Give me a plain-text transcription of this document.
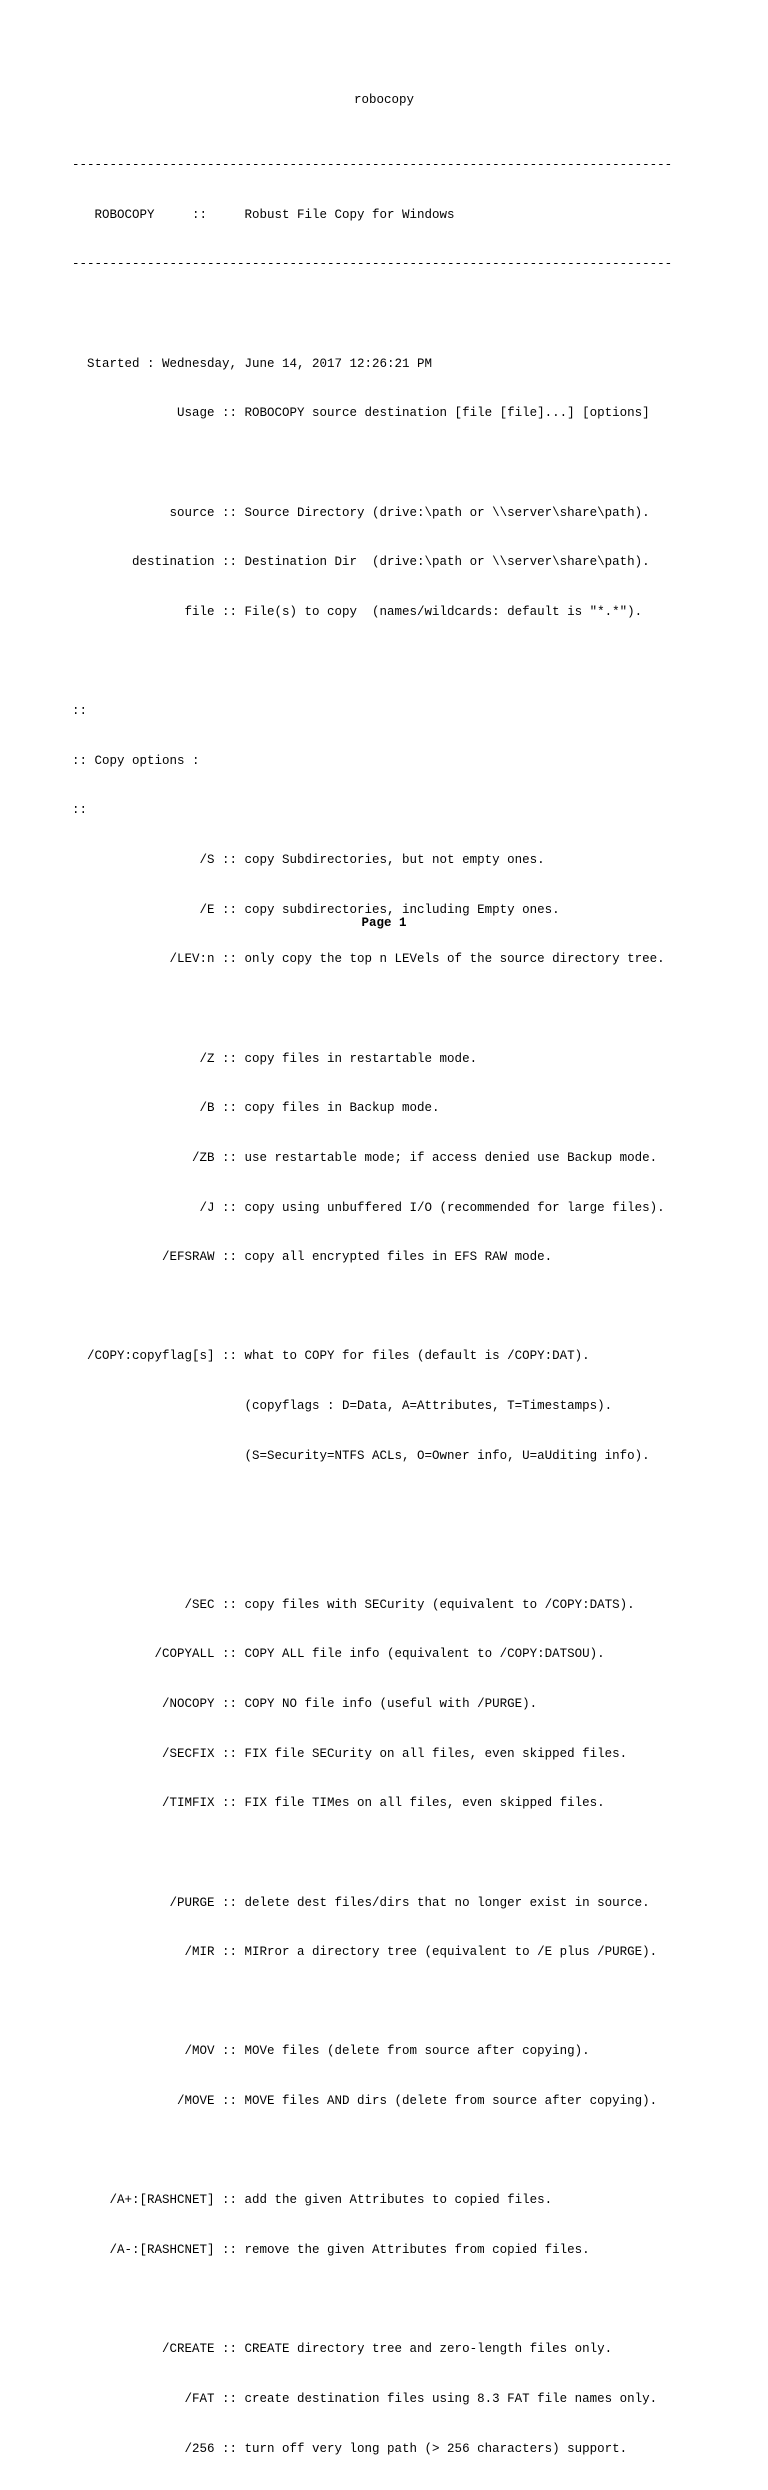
robocopy

--------------------------------------------------------------------------------

ROBOCOPY     ::     Robust File Copy for Windows

--------------------------------------------------------------------------------

Started : Wednesday, June 14, 2017 12:26:21 PM

Usage :: ROBOCOPY source destination [file [file]...] [options]

source :: Source Directory (drive:\path or \\server\share\path).

destination :: Destination Dir  (drive:\path or \\server\share\path).

file :: File(s) to copy  (names/wildcards: default is "*.*").

::

:: Copy options :

::

/S :: copy Subdirectories, but not empty ones.

/E :: copy subdirectories, including Empty ones.

/LEV:n :: only copy the top n LEVels of the source directory tree.

/Z :: copy files in restartable mode.

/B :: copy files in Backup mode.

/ZB :: use restartable mode; if access denied use Backup mode.

/J :: copy using unbuffered I/O (recommended for large files).

/EFSRAW :: copy all encrypted files in EFS RAW mode.

/COPY:copyflag[s] :: what to COPY for files (default is /COPY:DAT).

(copyflags : D=Data, A=Attributes, T=Timestamps).

(S=Security=NTFS ACLs, O=Owner info, U=aUditing info).

/SEC :: copy files with SECurity (equivalent to /COPY:DATS).

/COPYALL :: COPY ALL file info (equivalent to /COPY:DATSOU).

/NOCOPY :: COPY NO file info (useful with /PURGE).

/SECFIX :: FIX file SECurity on all files, even skipped files.

/TIMFIX :: FIX file TIMes on all files, even skipped files.

/PURGE :: delete dest files/dirs that no longer exist in source.

/MIR :: MIRror a directory tree (equivalent to /E plus /PURGE).

/MOV :: MOVe files (delete from source after copying).

/MOVE :: MOVE files AND dirs (delete from source after copying).

/A+:[RASHCNET] :: add the given Attributes to copied files.

/A-:[RASHCNET] :: remove the given Attributes from copied files.

/CREATE :: CREATE directory tree and zero-length files only.

/FAT :: create destination files using 8.3 FAT file names only.

/256 :: turn off very long path (> 256 characters) support.

Page 1
